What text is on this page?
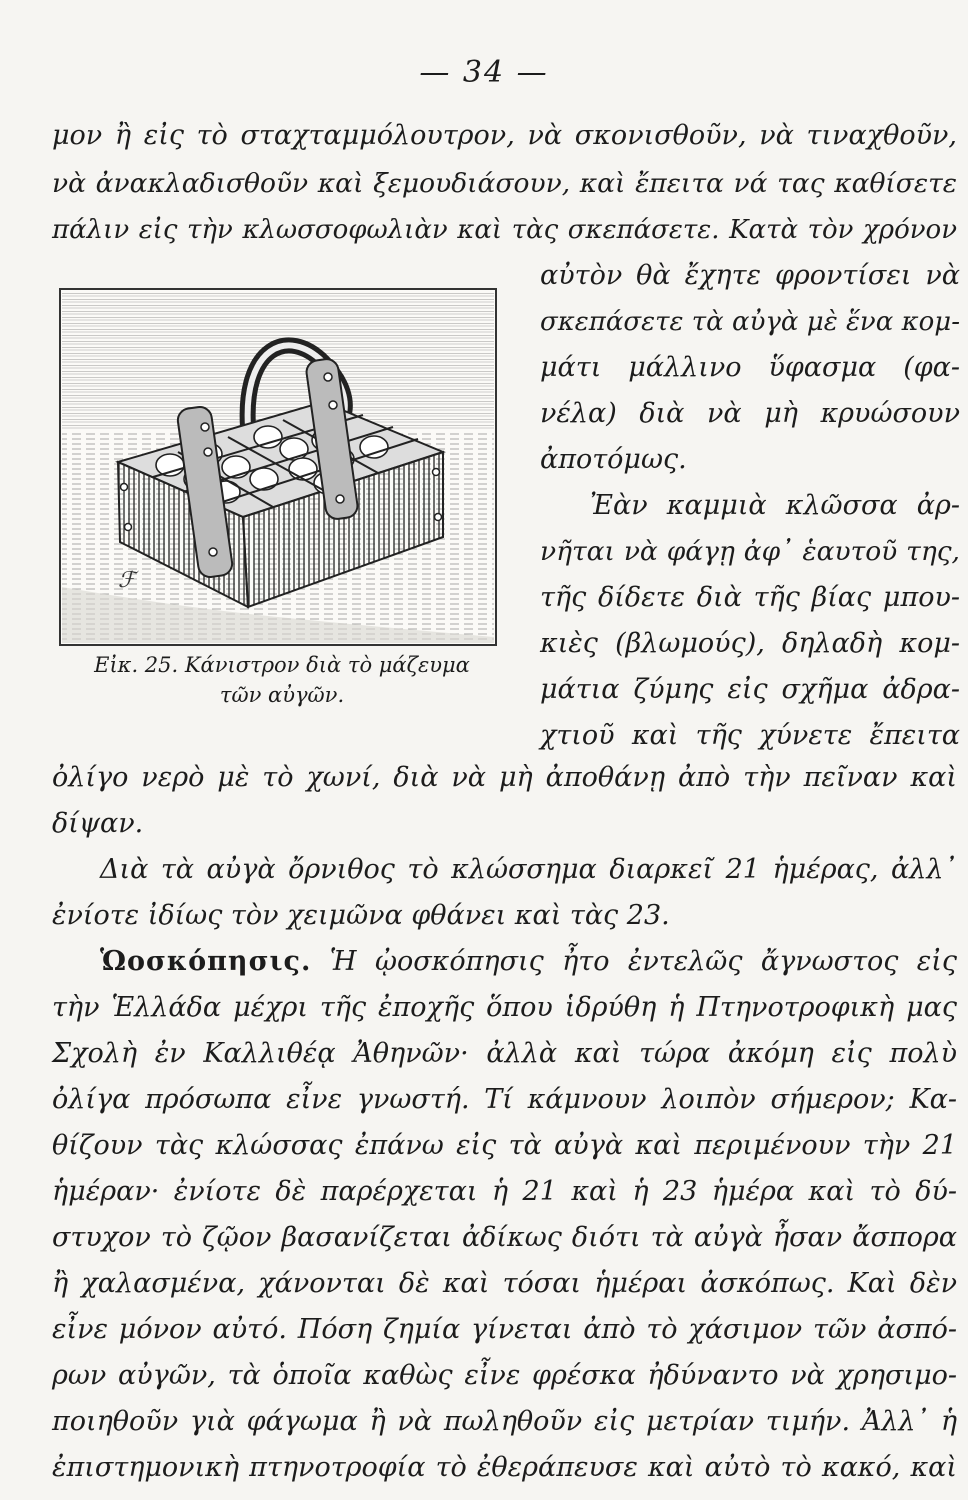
— 34 —
μον ἢ εἰς τὸ σταχταμμόλουτρον, νὰ σκονισθοῦν, νὰ τιναχθοῦν,
νὰ ἀνακλαδισθοῦν καὶ ξεμουδιάσουν, καὶ ἔπειτα νά τας καθίσετε
πάλιν εἰς τὴν κλωσσοφωλιὰν καὶ τὰς σκεπάσετε. Κατὰ τὸν χρόνον
αὐτὸν θὰ ἔχητε φροντίσει νὰ
σκεπάσετε τὰ αὐγὰ μὲ ἕνα κομ-
μάτι μάλλινο ὕφασμα (φα-
νέλα) διὰ νὰ μὴ κρυώσουν
ἀποτόμως.
Ἐὰν καμμιὰ κλῶσσα ἀρ-
νῆται νὰ φάγῃ ἀφ᾽ ἑαυτοῦ της,
τῆς δίδετε διὰ τῆς βίας μπου-
κιὲς (βλωμούς), δηλαδὴ κομ-
μάτια ζύμης εἰς σχῆμα ἀδρα-
χτιοῦ καὶ τῆς χύνετε ἔπειτα
ℱ
Εἰκ. 25. Κάνιστρον διὰ τὸ μάζευμα
τῶν αὐγῶν.
ὀλίγο νερὸ μὲ τὸ χωνί, διὰ νὰ μὴ ἀποθάνῃ ἀπὸ τὴν πεῖναν καὶ
δίψαν.
Διὰ τὰ αὐγὰ ὄρνιθος τὸ κλώσσημα διαρκεῖ 21 ἡμέρας, ἀλλ᾽
ἐνίοτε ἰδίως τὸν χειμῶνα φθάνει καὶ τὰς 23.
Ὡοσκόπησις. Ἡ ᾠοσκόπησις ἦτο ἐντελῶς ἄγνωστος εἰς
τὴν Ἑλλάδα μέχρι τῆς ἐποχῆς ὅπου ἱδρύθη ἡ Πτηνοτροφικὴ μας
Σχολὴ ἐν Καλλιθέᾳ Ἀθηνῶν· ἀλλὰ καὶ τώρα ἀκόμη εἰς πολὺ
ὀλίγα πρόσωπα εἶνε γνωστή. Τί κάμνουν λοιπὸν σήμερον; Κα-
θίζουν τὰς κλώσσας ἐπάνω εἰς τὰ αὐγὰ καὶ περιμένουν τὴν 21
ἡμέραν· ἐνίοτε δὲ παρέρχεται ἡ 21 καὶ ἡ 23 ἡμέρα καὶ τὸ δύ-
στυχον τὸ ζῷον βασανίζεται ἀδίκως διότι τὰ αὐγὰ ἦσαν ἄσπορα
ἢ χαλασμένα, χάνονται δὲ καὶ τόσαι ἡμέραι ἀσκόπως. Καὶ δὲν
εἶνε μόνον αὐτό. Πόση ζημία γίνεται ἀπὸ τὸ χάσιμον τῶν ἀσπό-
ρων αὐγῶν, τὰ ὁποῖα καθὼς εἶνε φρέσκα ἠδύναντο νὰ χρησιμο-
ποιηθοῦν γιὰ φάγωμα ἢ νὰ πωληθοῦν εἰς μετρίαν τιμήν. Ἀλλ᾽ ἡ
ἐπιστημονικὴ πτηνοτροφία τὸ ἐθεράπευσε καὶ αὐτὸ τὸ κακό, καὶ
